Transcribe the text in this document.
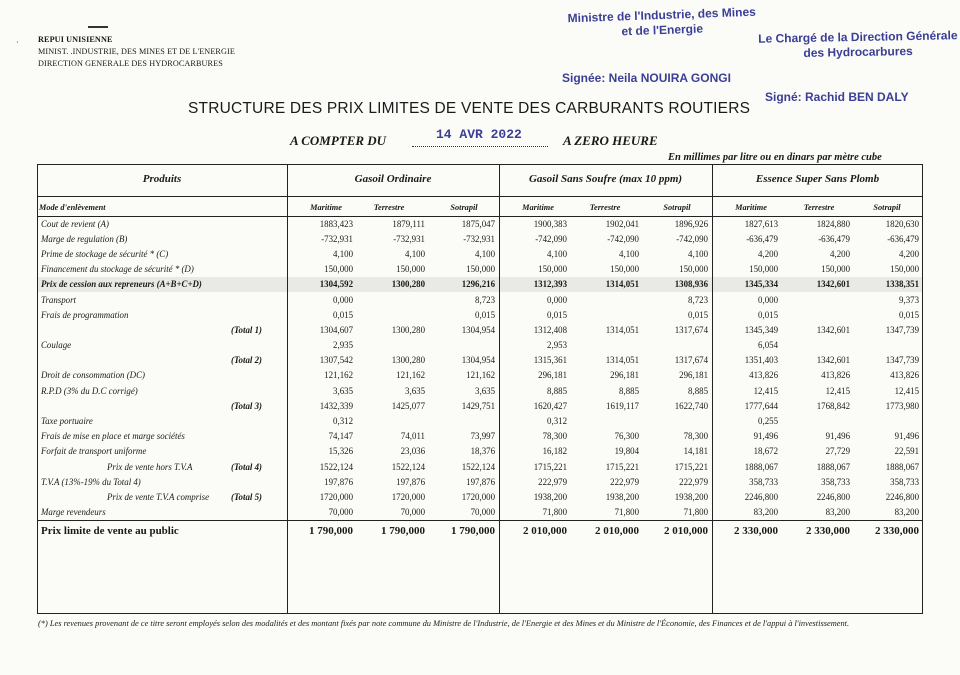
· REPUI UNISIENNE
MINIST. .INDUSTRIE, DES MINES ET DE L'ENERGIE
DIRECTION GENERALE DES HYDROCARBURES
Ministre de l'Industrie, des Mines
et de l'Energie	Le Chargé de la Direction Générale
des Hydrocarbures
Signée: Neila NOUIRA GONGI
Signé: Rachid BEN DALY
STRUCTURE DES PRIX LIMITES DE VENTE DES CARBURANTS ROUTIERS
A COMPTER DU	14 AVR 2022	A ZERO HEURE
En millimes par litre ou en dinars par mètre cube
Produits	Gasoil Ordinaire	Gasoil Sans Soufre (max 10 ppm)	Essence Super Sans Plomb
Mode d'enlèvement	Maritime	Terrestre	Sotrapil	Maritime	Terrestre	Sotrapil	Maritime	Terrestre	Sotrapil

Cout de revient (A)		1883,423	1879,111	1875,047	1900,383	1902,041	1896,926	1827,613	1824,880	1820,630
Marge de regulation (B)		-732,931	-732,931	-732,931	-742,090	-742,090	-742,090	-636,479	-636,479	-636,479
Prime de stockage de sécurité * (C)		4,100	4,100	4,100	4,100	4,100	4,100	4,200	4,200	4,200
Financement du stockage de sécurité * (D)		150,000	150,000	150,000	150,000	150,000	150,000	150,000	150,000	150,000
Prix de cession aux repreneurs (A+B+C+D)		1304,592	1300,280	1296,216	1312,393	1314,051	1308,936	1345,334	1342,601	1338,351
Transport		0,000		8,723	0,000		8,723	0,000		9,373
Frais de programmation		0,015		0,015	0,015		0,015	0,015		0,015
	(Total 1)	1304,607	1300,280	1304,954	1312,408	1314,051	1317,674	1345,349	1342,601	1347,739
Coulage		2,935			2,953			6,054		
	(Total 2)	1307,542	1300,280	1304,954	1315,361	1314,051	1317,674	1351,403	1342,601	1347,739
Droit de consommation (DC)		121,162	121,162	121,162	296,181	296,181	296,181	413,826	413,826	413,826
R.P.D (3% du D.C corrigé)		3,635	3,635	3,635	8,885	8,885	8,885	12,415	12,415	12,415
	(Total 3)	1432,339	1425,077	1429,751	1620,427	1619,117	1622,740	1777,644	1768,842	1773,980
Taxe portuaire		0,312			0,312			0,255		
Frais de mise en place et marge sociétés		74,147	74,011	73,997	78,300	76,300	78,300	91,496	91,496	91,496
Forfait de transport uniforme		15,326	23,036	18,376	16,182	19,804	14,181	18,672	27,729	22,591
Prix de vente hors T.V.A	(Total 4)	1522,124	1522,124	1522,124	1715,221	1715,221	1715,221	1888,067	1888,067	1888,067
T.V.A (13%-19% du Total 4)		197,876	197,876	197,876	222,979	222,979	222,979	358,733	358,733	358,733
Prix de vente T.V.A comprise	(Total 5)	1720,000	1720,000	1720,000	1938,200	1938,200	1938,200	2246,800	2246,800	2246,800
Marge revendeurs		70,000	70,000	70,000	71,800	71,800	71,800	83,200	83,200	83,200
Prix limite de vente au public		1 790,000	1 790,000	1 790,000	2 010,000	2 010,000	2 010,000	2 330,000	2 330,000	2 330,000
(*) Les revenues provenant de ce titre seront employés selon des modalités et des montant fixés par note commune du Ministre de l'Industrie, de l'Energie et des Mines et du Ministre de l'Économie, des Finances et de l'appui à l'investissement.
